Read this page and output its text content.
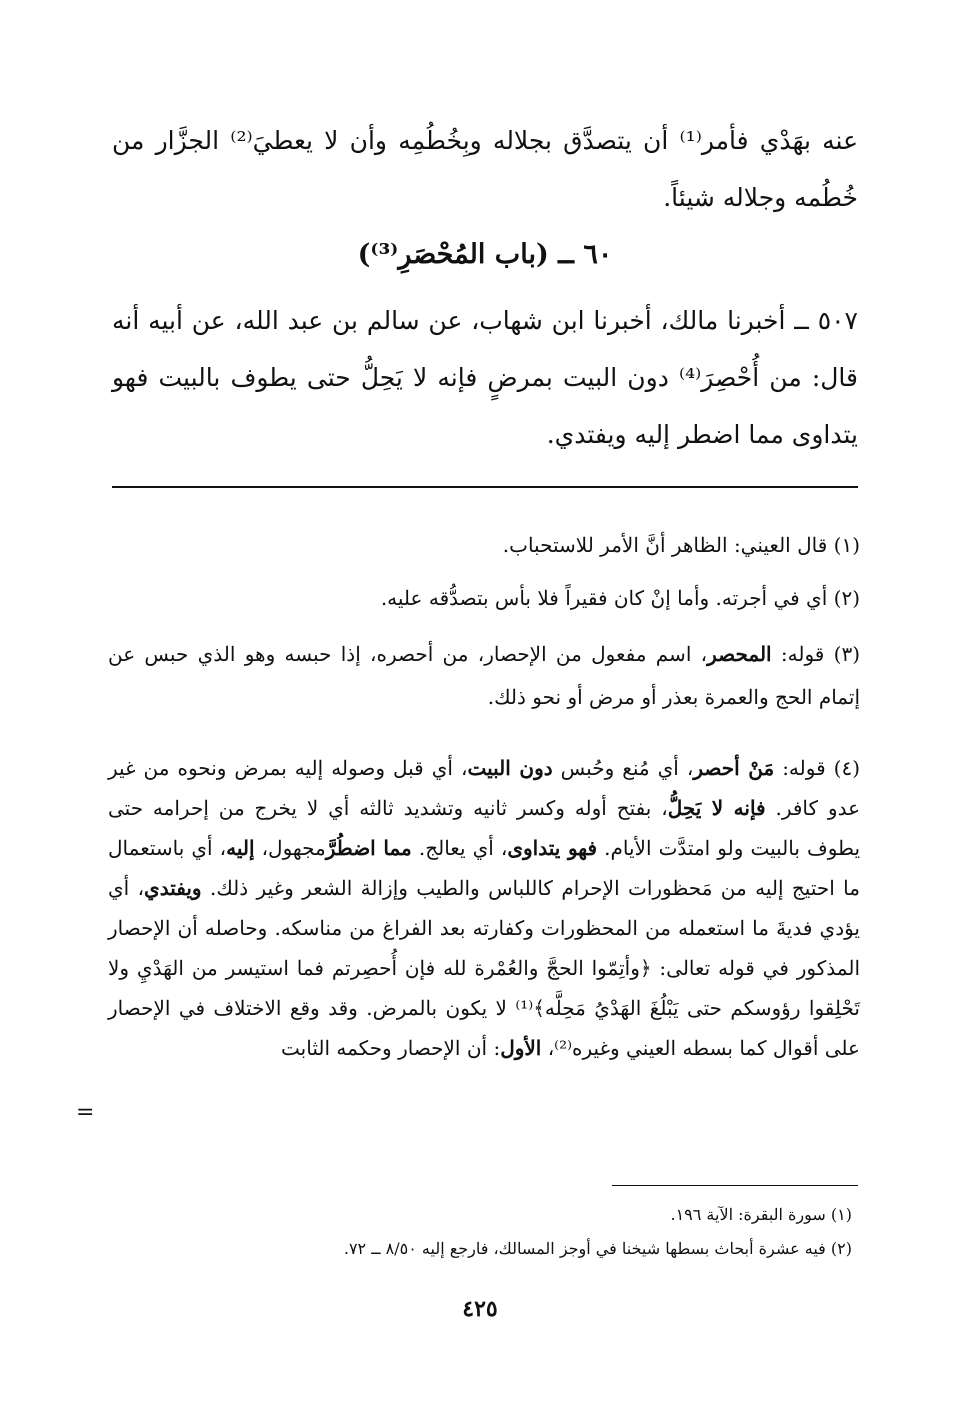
عنه بهَدْي فأمر⁽¹⁾ أن يتصدَّق بجلاله وبِخُطُمِه وأن لا يعطيَ⁽²⁾ الجزَّار من خُطُمه وجلاله شيئاً.

٦٠ ــ (باب المُحْصَرِ⁽³⁾)

٥٠٧ ــ أخبرنا مالك، أخبرنا ابن شهاب، عن سالم بن عبد الله، عن أبيه أنه قال: من أُحْصِرَ⁽⁴⁾ دون البيت بمرضٍ فإنه لا يَحِلُّ حتى يطوف بالبيت فهو يتداوى مما اضطر إليه ويفتدي.

(١) قال العيني: الظاهر أنَّ الأمر للاستحباب.

(٢) أي في أجرته. وأما إنْ كان فقيراً فلا بأس بتصدُّقه عليه.

(٣) قوله: المحصر، اسم مفعول من الإحصار، من أحصره، إذا حبسه وهو الذي حبس عن إتمام الحج والعمرة بعذر أو مرض أو نحو ذلك.

(٤) قوله: مَنْ أحصر، أي مُنع وحُبس دون البيت، أي قبل وصوله إليه بمرض ونحوه من غير عدو كافر. فإنه لا يَحِلُّ، بفتح أوله وكسر ثانيه وتشديد ثالثه أي لا يخرج من إحرامه حتى يطوف بالبيت ولو امتدَّت الأيام. فهو يتداوى، أي يعالج. مما اضطُرَّمجهول، إليه، أي باستعمال ما احتيج إليه من مَحظورات الإحرام كاللباس والطيب وإزالة الشعر وغير ذلك. ويفتدي، أي يؤدي فديةَ ما استعمله من المحظورات وكفارته بعد الفراغ من مناسكه. وحاصله أن الإحصار المذكور في قوله تعالى: ﴿وأتِمّوا الحجَّ والعُمْرة لله فإن أُحصِرتم فما استيسر من الهَدْيِ ولا تَحْلِقوا رؤوسكم حتى يَبْلُغَ الهَدْيُ مَحِلَّه﴾⁽¹⁾ لا يكون بالمرض. وقد وقع الاختلاف في الإحصار على أقوال كما بسطه العيني وغيره⁽²⁾، الأول: أن الإحصار وحكمه الثابت

=

(١) سورة البقرة: الآية ١٩٦.

(٢) فيه عشرة أبحاث بسطها شيخنا في أوجز المسالك، فارجع إليه ٨/٥٠ ــ ٧٢.

٤٢٥
